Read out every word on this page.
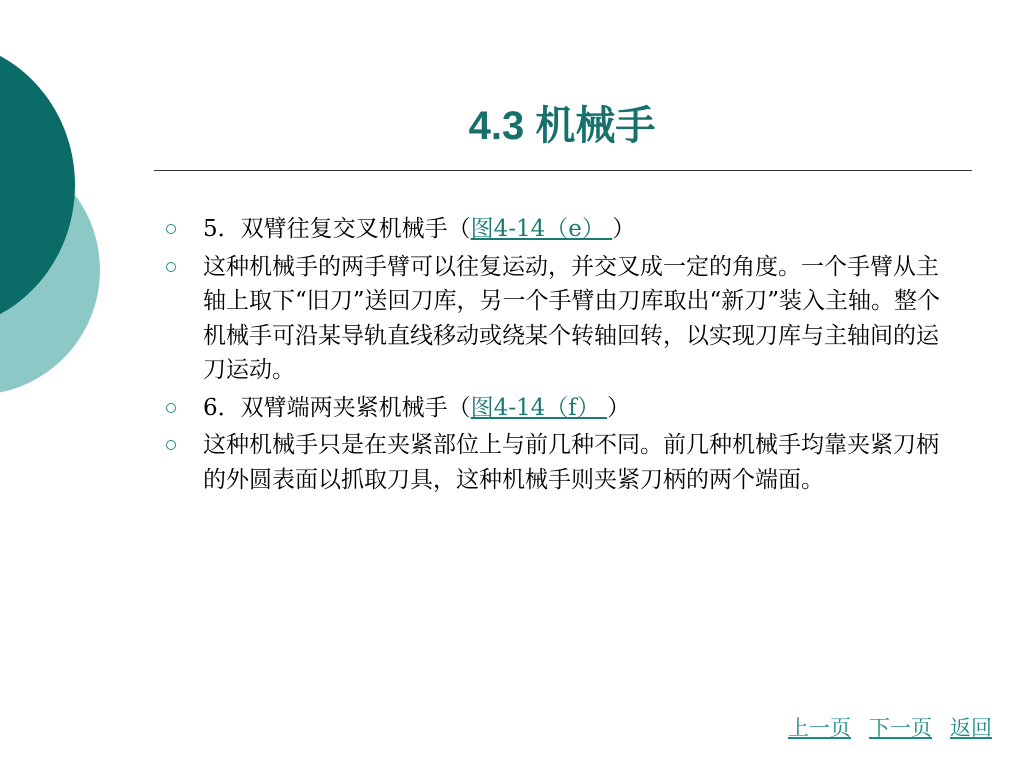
4.3 机械手
5．双臂往复交叉机械手（图4-14（e） ）
这种机械手的两手臂可以往复运动，并交叉成一定的角度。一个手臂从主轴上取下“旧刀”送回刀库，另一个手臂由刀库取出“新刀”装入主轴。整个机械手可沿某导轨直线移动或绕某个转轴回转，以实现刀库与主轴间的运刀运动。
6．双臂端两夹紧机械手（图4-14（f） ）
这种机械手只是在夹紧部位上与前几种不同。前几种机械手均靠夹紧刀柄的外圆表面以抓取刀具，这种机械手则夹紧刀柄的两个端面。
上一页 下一页 返回
